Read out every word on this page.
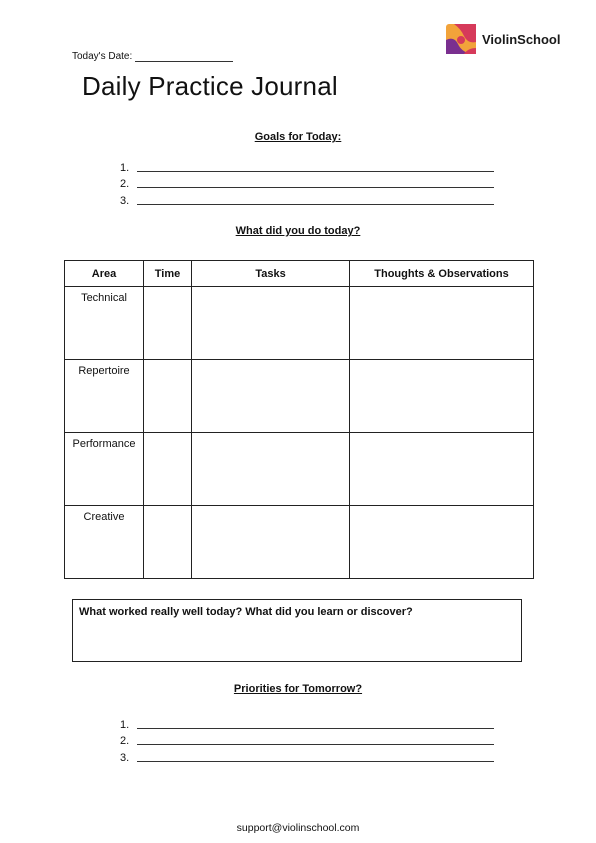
Today's Date:
Daily Practice Journal
ViolinSchool
Goals for Today:
1.
2.
3.
What did you do today?
Area	Time	Tasks	Thoughts & Observations
Technical			
Repertoire			
Performance			
Creative			
What worked really well today? What did you learn or discover?
Priorities for Tomorrow?
1.
2.
3.
support@violinschool.com
